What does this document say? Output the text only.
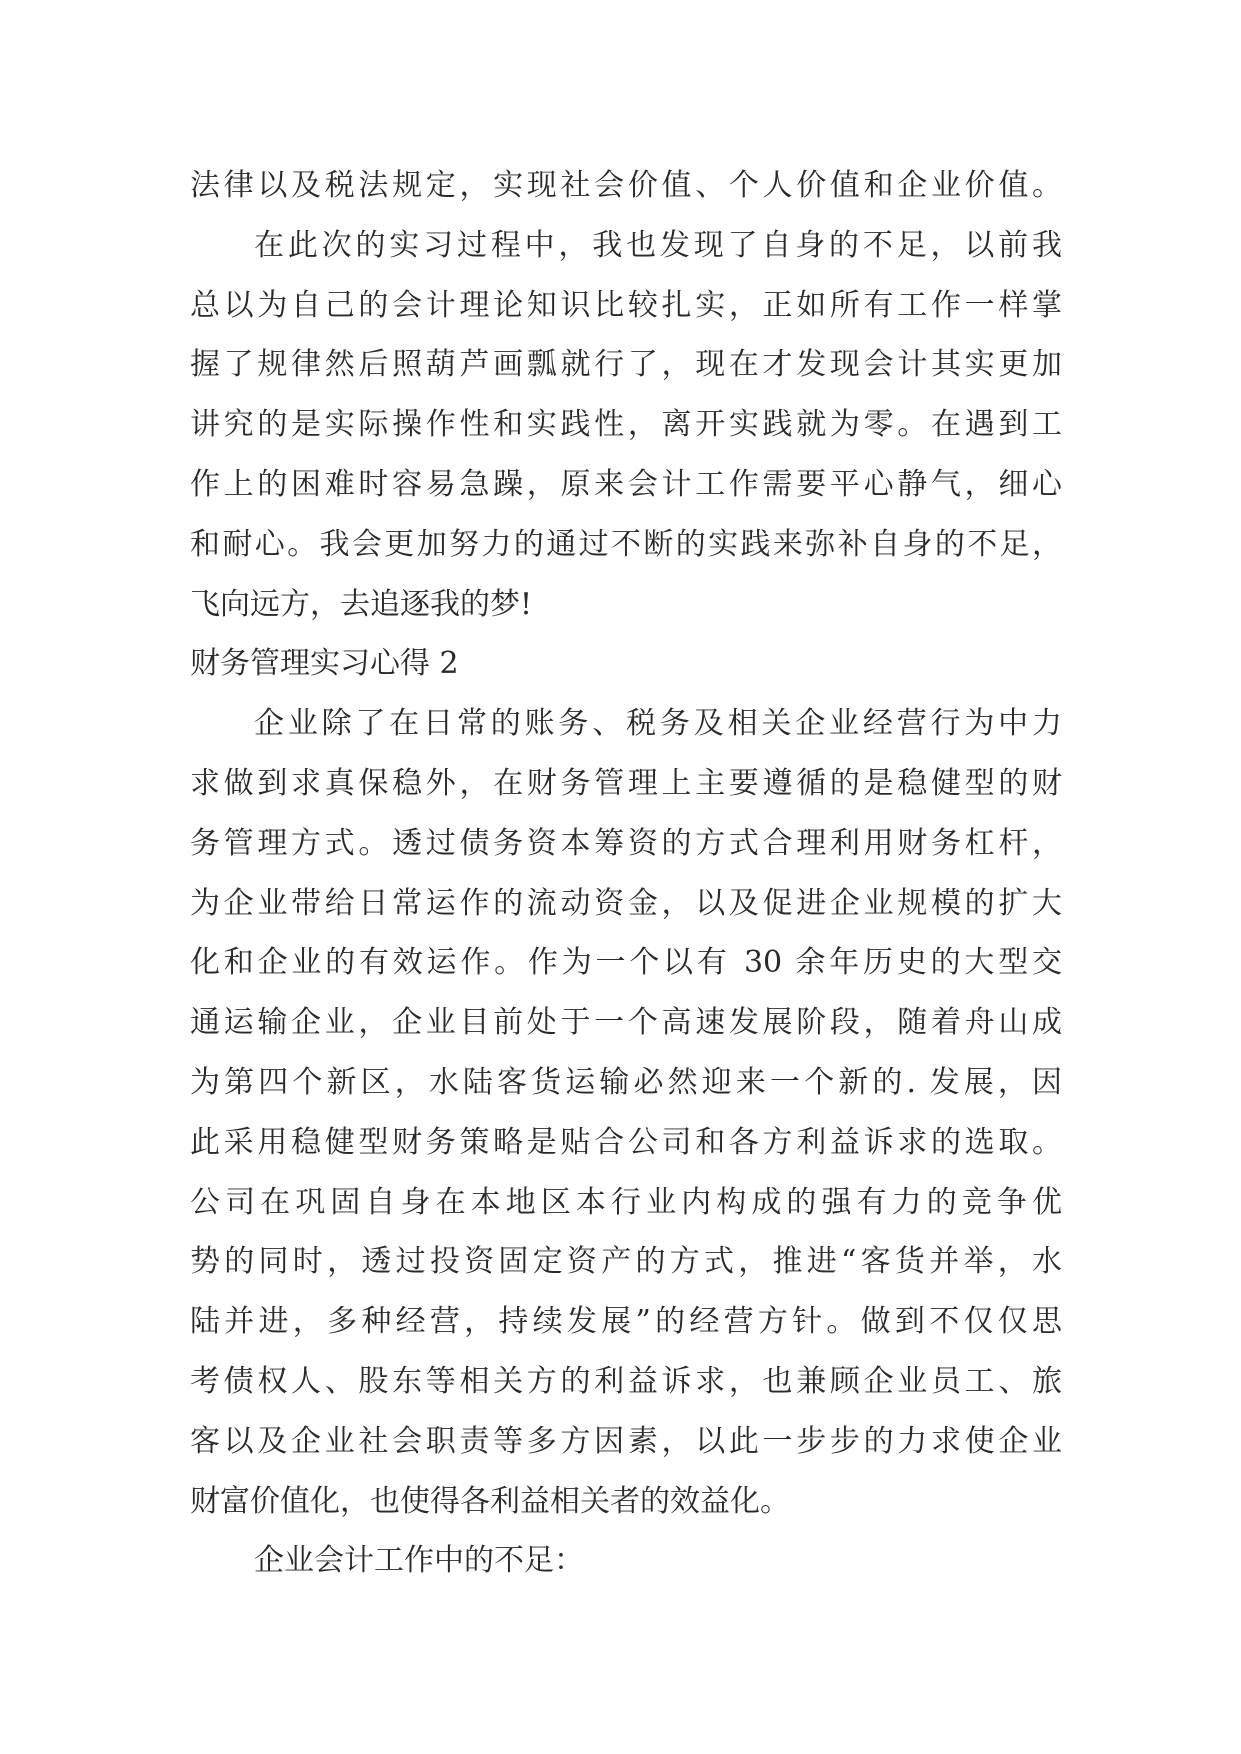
法律以及税法规定，实现社会价值、个人价值和企业价值。
在此次的实习过程中，我也发现了自身的不足，以前我
总以为自己的会计理论知识比较扎实，正如所有工作一样掌
握了规律然后照葫芦画瓢就行了，现在才发现会计其实更加
讲究的是实际操作性和实践性，离开实践就为零。在遇到工
作上的困难时容易急躁，原来会计工作需要平心静气，细心
和耐心。我会更加努力的通过不断的实践来弥补自身的不足，
飞向远方，去追逐我的梦!
财务管理实习心得 2
企业除了在日常的账务、税务及相关企业经营行为中力
求做到求真保稳外，在财务管理上主要遵循的是稳健型的财
务管理方式。透过债务资本筹资的方式合理利用财务杠杆，
为企业带给日常运作的流动资金，以及促进企业规模的扩大
化和企业的有效运作。作为一个以有 30 余年历史的大型交
通运输企业，企业目前处于一个高速发展阶段，随着舟山成
为第四个新区，水陆客货运输必然迎来一个新的. 发展，因
此采用稳健型财务策略是贴合公司和各方利益诉求的选取。
公司在巩固自身在本地区本行业内构成的强有力的竞争优
势的同时，透过投资固定资产的方式，推进“客货并举，水
陆并进，多种经营，持续发展”的经营方针。做到不仅仅思
考债权人、股东等相关方的利益诉求，也兼顾企业员工、旅
客以及企业社会职责等多方因素，以此一步步的力求使企业
财富价值化，也使得各利益相关者的效益化。
企业会计工作中的不足：
